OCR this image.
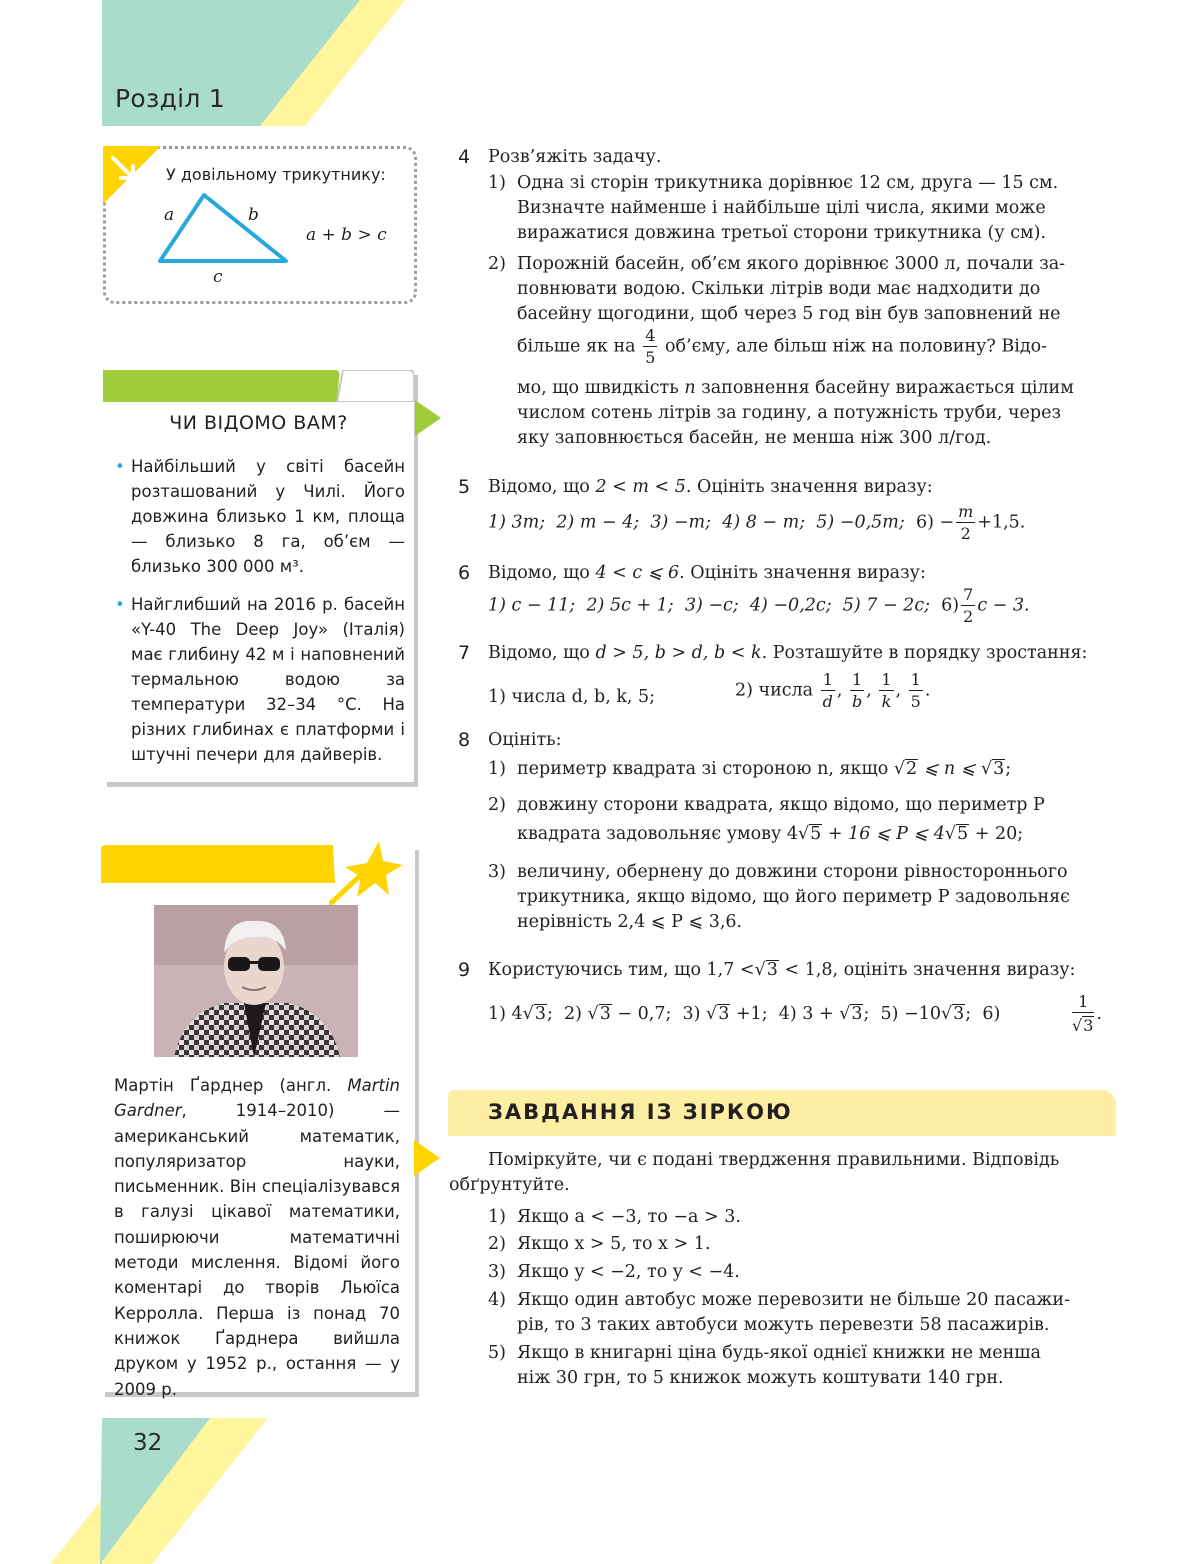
Розділ 1
У довільному трикутнику:
a	b
c
a + b > c
ЧИ ВІДОМО ВАМ?
• Найбільший у світі басейн розташований у Чилі. Його довжина близько 1 км, площа — близько 8 га, об’єм — близько 300 000 м³.
• Найглибший на 2016 р. басейн «Y-40 The Deep Joy» (Італія) має глибину 42 м і наповнений термальною водою за температури 32–34 °С. На різних глибинах є платформи і штучні печери для дайверів.
Мартін Ґарднер (англ. Martin Gardner, 1914–2010) — американський математик, популяризатор науки, письменник. Він спеціалізувався в галузі цікавої математики, поширюючи математичні методи мислення. Відомі його коментарі до творів Льюїса Керролла. Перша із понад 70 книжок Ґарднера вийшла друком у 1952 р., остання — у 2009 р.
32
4 Розв’яжіть задачу.
1) Одна зі сторін трикутника дорівнює 12 см, друга — 15 см.
Визначте найменше і найбільше цілі числа, якими може
виражатися довжина третьої сторони трикутника (у см).
2) Порожній басейн, об’єм якого дорівнює 3000 л, почали за-
повнювати водою. Скільки літрів води має надходити до
басейну щогодини, щоб через 5 год він був заповнений не
більше як на $\frac{4}{5}$ об’єму, але більш ніж на половину? Відо-
мо, що швидкість n заповнення басейну виражається цілим
числом сотень літрів за годину, а потужність труби, через
яку заповнюється басейн, не менша ніж 300 л/год.
5 Відомо, що 2 < m < 5. Оцініть значення виразу:
1) 3m; 2) m − 4; 3) −m; 4) 8 − m; 5) −0,5m; $6) - \frac{m}{2} +1,5$.
6 Відомо, що 4 < c ⩽ 6. Оцініть значення виразу:
1) c − 11; 2) 5c + 1; 3) −c; 4) −0,2c; 5) 7 − 2c; $6) \frac{7}{2}$ c − 3.
7 Відомо, що d > 5, b > d, b < k. Розташуйте в порядку зростання:
1) числа d, b, k, 5;	2) числа $\frac{1}{d}$ , $\frac{1}{b}$ , $\frac{1}{k}$ , $\frac{1}{5}$ .
8 Оцініть:
1) периметр квадрата зі стороною n, якщо √2 ⩽ n ⩽ √3;
2) довжину сторони квадрата, якщо відомо, що периметр P
квадрата задовольняє умову 4√5 + 16 ⩽ P ⩽ 4√5 + 20;
3) величину, обернену до довжини сторони рівностороннього
трикутника, якщо відомо, що його периметр P задовольняє
нерівність 2,4 ⩽ P ⩽ 3,6.
9 Користуючись тим, що 1,7 <√3 < 1,8, оцініть значення виразу:
1) 4√3; 2) √3 − 0,7; 3) √3 +1; 4) 3 + √3; 5) −10√3; 6)	$\frac{1}{√3}$ .
ЗАВДАННЯ ІЗ ЗІРКОЮ
Поміркуйте, чи є подані твердження правильними. Відповідь
обґрунтуйте.
1) Якщо a < −3, то −a > 3.
2) Якщо x > 5, то x > 1.
3) Якщо y < −2, то y < −4.
4) Якщо один автобус може перевозити не більше 20 пасажи-
рів, то 3 таких автобуси можуть перевезти 58 пасажирів.
5) Якщо в книгарні ціна будь-якої однієї книжки не менша
ніж 30 грн, то 5 книжок можуть коштувати 140 грн.
